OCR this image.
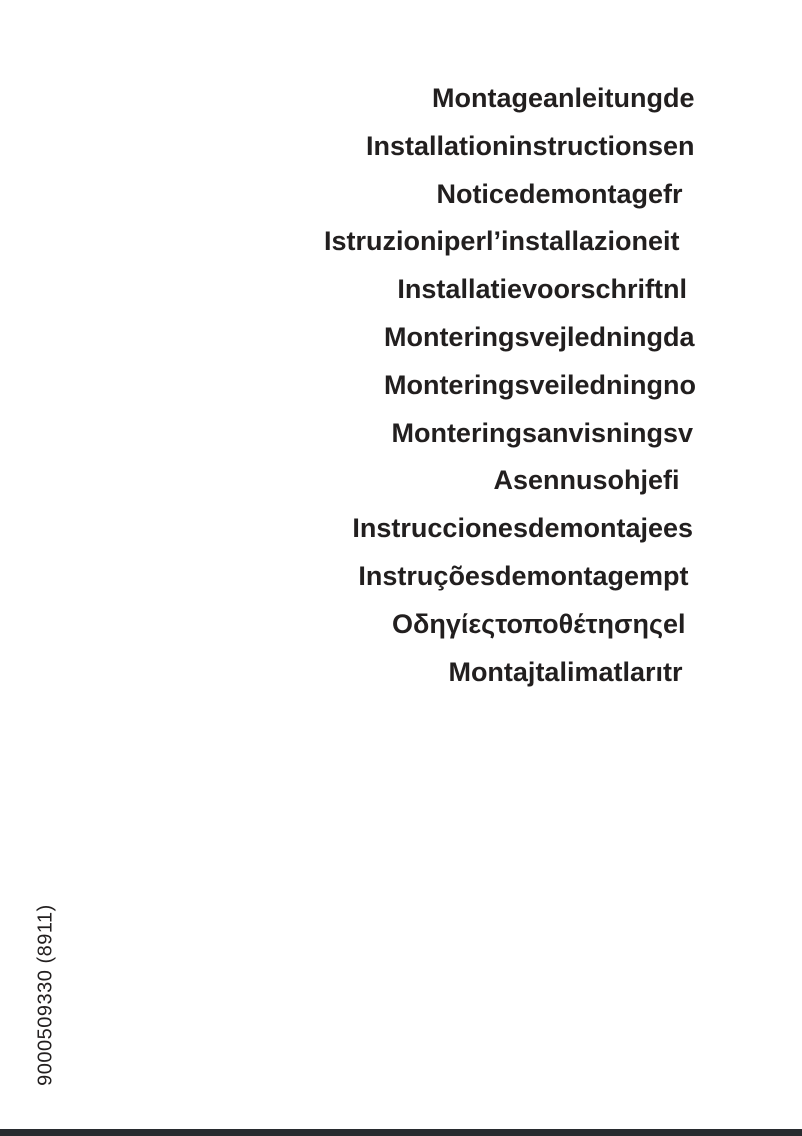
Montageanleitungde
Installationinstructionsen
Noticedemontagefr
Istruzioniperl’installazioneit
Installatievoorschriftnl
Monteringsvejledningda
Monteringsveiledningno
Monteringsanvisningsv
Asennusohjefi
Instruccionesdemontajees
Instruçõesdemontagempt
Οδηγίεςτοποθέτησηςel
Montajtalimatlarıtr
9000509330 (8911)
